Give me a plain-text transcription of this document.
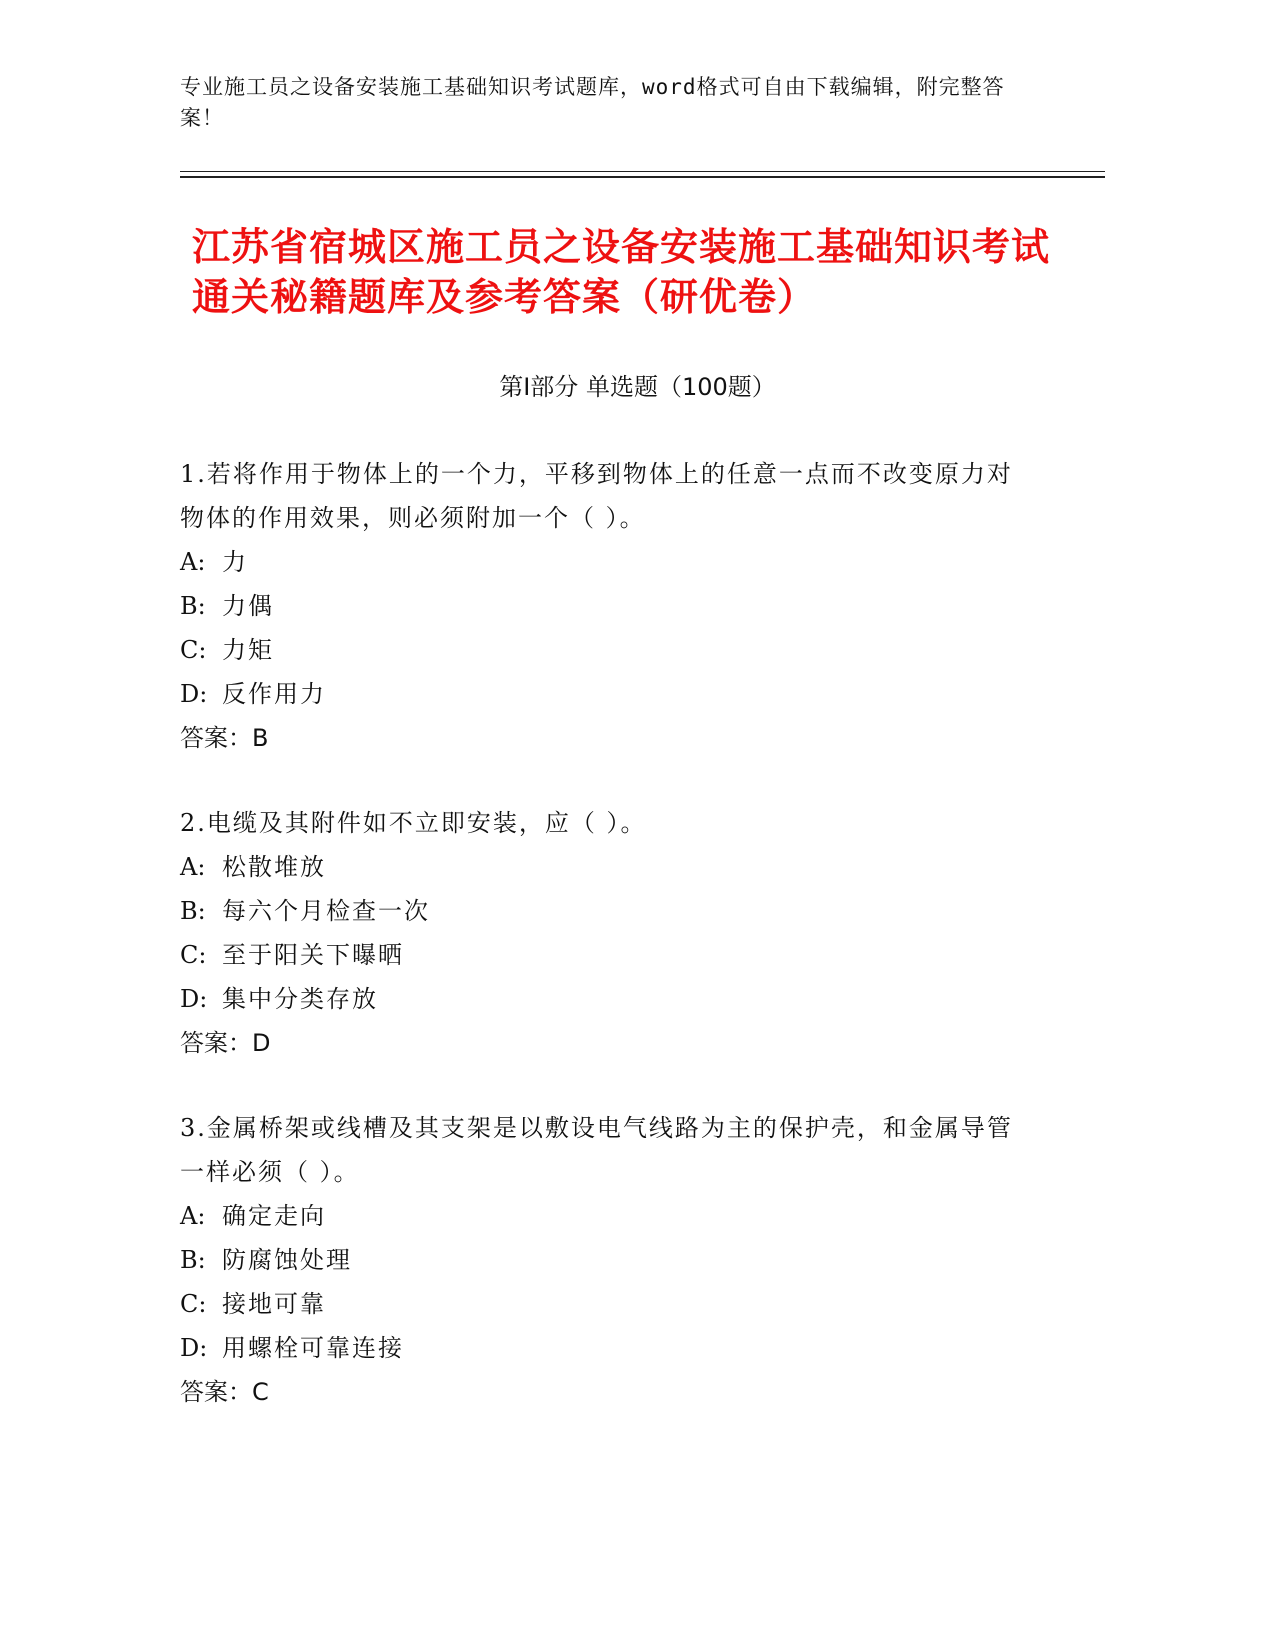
专业施工员之设备安装施工基础知识考试题库，word格式可自由下载编辑，附完整答案！
江苏省宿城区施工员之设备安装施工基础知识考试通关秘籍题库及参考答案（研优卷）
第Ⅰ部分 单选题（100题）
1.若将作用于物体上的一个力，平移到物体上的任意一点而不改变原力对物体的作用效果，则必须附加一个（ ）。
A: 力
B: 力偶
C: 力矩
D: 反作用力
答案：B
2.电缆及其附件如不立即安装，应（ ）。
A: 松散堆放
B: 每六个月检查一次
C: 至于阳关下曝晒
D: 集中分类存放
答案：D
3.金属桥架或线槽及其支架是以敷设电气线路为主的保护壳，和金属导管一样必须（ ）。
A: 确定走向
B: 防腐蚀处理
C: 接地可靠
D: 用螺栓可靠连接
答案：C
